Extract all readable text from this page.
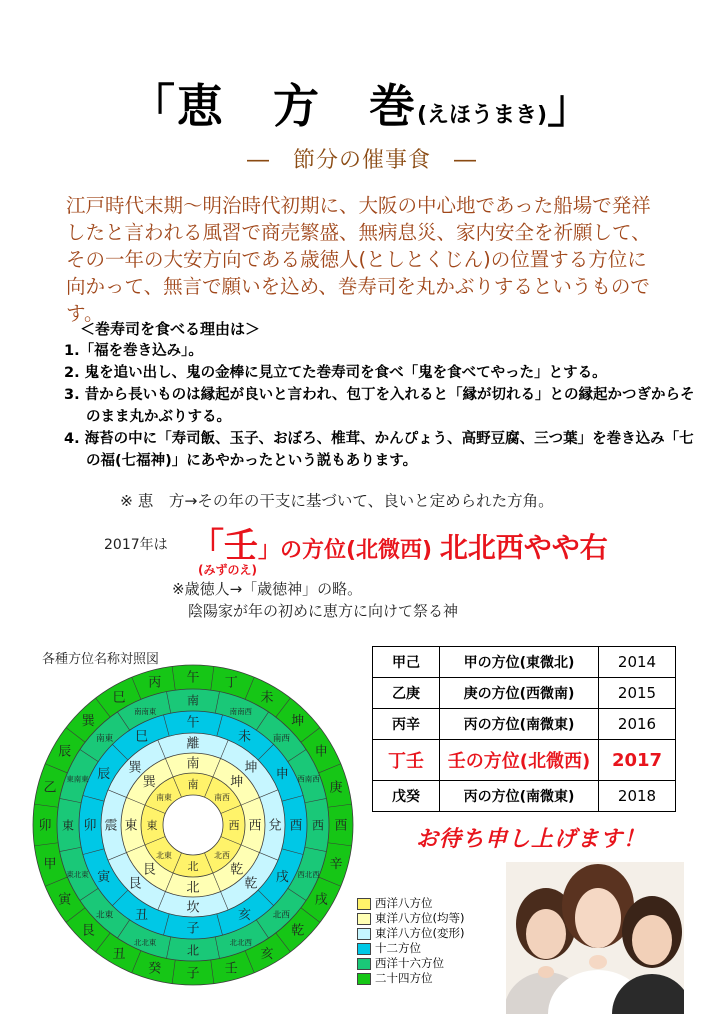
「恵　方　巻(えほうまき)」
―　節分の催事食　―
江戸時代末期～明治時代初期に、大阪の中心地であった船場で発祥したと言われる風習で商売繁盛、無病息災、家内安全を祈願して、その一年の大安方向である歳徳人(としとくじん)の位置する方位に向かって、無言で願いを込め、巻寿司を丸かぶりするというものです。
＜巻寿司を食べる理由は＞
1.「福を巻き込み」。
2. 鬼を追い出し、鬼の金棒に見立てた巻寿司を食べ「鬼を食べてやった」とする。
3. 昔から長いものは縁起が良いと言われ、包丁を入れると「縁が切れる」との縁起かつぎからそのまま丸かぶりする。
4. 海苔の中に「寿司飯、玉子、おぼろ、椎茸、かんぴょう、高野豆腐、三つ葉」を巻き込み「七の福(七福神)」にあやかったという説もあります。
※ 恵　方→その年の干支に基づいて、良いと定められた方角。
2017年は 「壬」の方位(北微西) 北北西やや右
(みずのえ)
※歳徳人→「歳徳神」の略。
陰陽家が年の初めに恵方に向けて祭る神
各種方位名称対照図
子
癸
丑
艮
寅
甲
卯
乙
辰
巽
巳
丙 午 丁
未
坤
申
庚
酉
辛
戌
乾
亥
壬
北
北北東
北東
東北東
東
東南東
南東
南南東
南
南南西
南西
西南西
西
西北西
北西
北北西
子
丑
寅
卯
辰
巳
午
未
申
酉
戌
亥
坎
艮
震
巽
離
坤
兌
乾
北
艮
東
巽
南
坤
西
乾
北
北東
東
南東
南
南西
西
北西
甲己	甲の方位(東微北)	2014
乙庚	庚の方位(西微南)	2015
丙辛	丙の方位(南微東)	2016
丁壬	壬の方位(北微西)	2017
戊癸	丙の方位(南微東)	2018
お待ち申し上げます！
西洋八方位
東洋八方位(均等)
東洋八方位(変形)
十二方位
西洋十六方位
二十四方位
